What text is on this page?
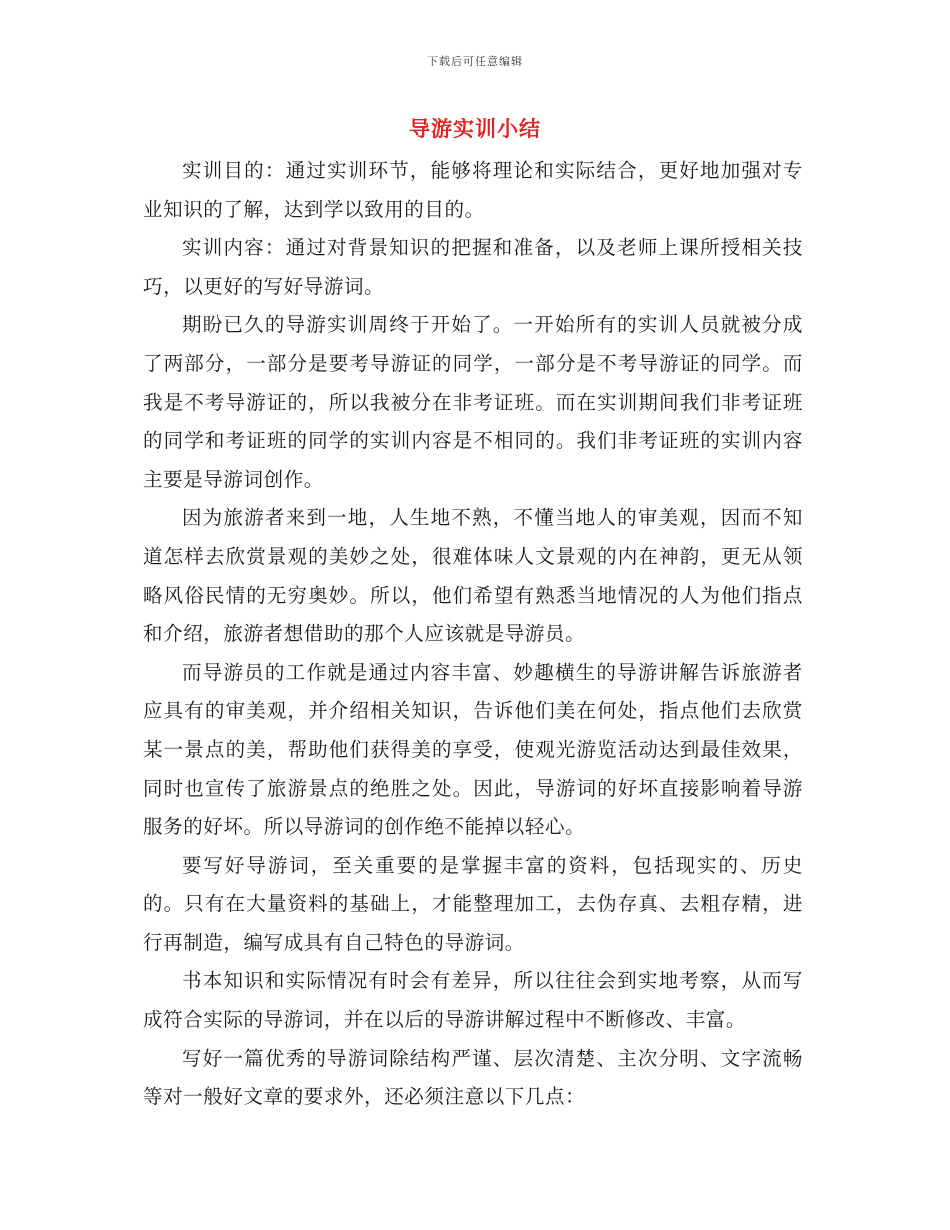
下载后可任意编辑
导游实训小结

实训目的：通过实训环节，能够将理论和实际结合，更好地加强对专业知识的了解，达到学以致用的目的。

实训内容：通过对背景知识的把握和准备，以及老师上课所授相关技巧，以更好的写好导游词。

期盼已久的导游实训周终于开始了。一开始所有的实训人员就被分成了两部分，一部分是要考导游证的同学，一部分是不考导游证的同学。而我是不考导游证的，所以我被分在非考证班。而在实训期间我们非考证班的同学和考证班的同学的实训内容是不相同的。我们非考证班的实训内容主要是导游词创作。

因为旅游者来到一地，人生地不熟，不懂当地人的审美观，因而不知道怎样去欣赏景观的美妙之处，很难体味人文景观的内在神韵，更无从领略风俗民情的无穷奥妙。所以，他们希望有熟悉当地情况的人为他们指点和介绍，旅游者想借助的那个人应该就是导游员。

而导游员的工作就是通过内容丰富、妙趣横生的导游讲解告诉旅游者应具有的审美观，并介绍相关知识，告诉他们美在何处，指点他们去欣赏某一景点的美，帮助他们获得美的享受，使观光游览活动达到最佳效果，同时也宣传了旅游景点的绝胜之处。因此，导游词的好坏直接影响着导游服务的好坏。所以导游词的创作绝不能掉以轻心。

要写好导游词，至关重要的是掌握丰富的资料，包括现实的、历史的。只有在大量资料的基础上，才能整理加工，去伪存真、去粗存精，进行再制造，编写成具有自己特色的导游词。

书本知识和实际情况有时会有差异，所以往往会到实地考察，从而写成符合实际的导游词，并在以后的导游讲解过程中不断修改、丰富。

写好一篇优秀的导游词除结构严谨、层次清楚、主次分明、文字流畅等对一般好文章的要求外，还必须注意以下几点：
